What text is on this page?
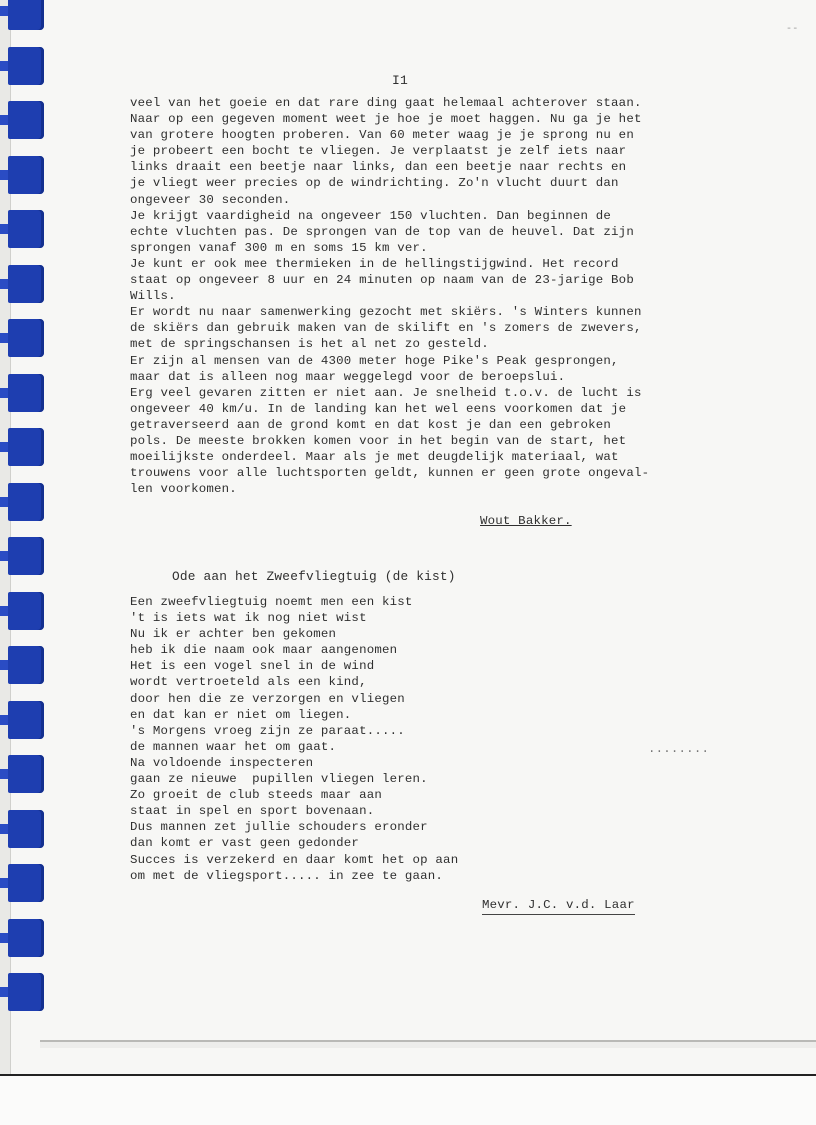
--
I1
veel van het goeie en dat rare ding gaat helemaal achterover staan.
Naar op een gegeven moment weet je hoe je moet haggen. Nu ga je het
van grotere hoogten proberen. Van 60 meter waag je je sprong nu en
je probeert een bocht te vliegen. Je verplaatst je zelf iets naar
links draait een beetje naar links, dan een beetje naar rechts en
je vliegt weer precies op de windrichting. Zo'n vlucht duurt dan
ongeveer 30 seconden.
Je krijgt vaardigheid na ongeveer 150 vluchten. Dan beginnen de
echte vluchten pas. De sprongen van de top van de heuvel. Dat zijn
sprongen vanaf 300 m en soms 15 km ver.
Je kunt er ook mee thermieken in de hellingstijgwind. Het record
staat op ongeveer 8 uur en 24 minuten op naam van de 23-jarige Bob
Wills.
Er wordt nu naar samenwerking gezocht met skiërs. 's Winters kunnen
de skiërs dan gebruik maken van de skilift en 's zomers de zwevers,
met de springschansen is het al net zo gesteld.
Er zijn al mensen van de 4300 meter hoge Pike's Peak gesprongen,
maar dat is alleen nog maar weggelegd voor de beroepslui.
Erg veel gevaren zitten er niet aan. Je snelheid t.o.v. de lucht is
ongeveer 40 km/u. In de landing kan het wel eens voorkomen dat je
getraverseerd aan de grond komt en dat kost je dan een gebroken
pols. De meeste brokken komen voor in het begin van de start, het
moeilijkste onderdeel. Maar als je met deugdelijk materiaal, wat
trouwens voor alle luchtsporten geldt, kunnen er geen grote ongeval-
len voorkomen.
Wout Bakker.
Ode aan het Zweefvliegtuig (de kist)
Een zweefvliegtuig noemt men een kist
't is iets wat ik nog niet wist
Nu ik er achter ben gekomen
heb ik die naam ook maar aangenomen
Het is een vogel snel in de wind
wordt vertroeteld als een kind,
door hen die ze verzorgen en vliegen
en dat kan er niet om liegen.
's Morgens vroeg zijn ze paraat.....
de mannen waar het om gaat.
Na voldoende inspecteren
gaan ze nieuwe  pupillen vliegen leren.
Zo groeit de club steeds maar aan
staat in spel en sport bovenaan.
Dus mannen zet jullie schouders eronder
dan komt er vast geen gedonder
Succes is verzekerd en daar komt het op aan
om met de vliegsport..... in zee te gaan.
........
Mevr. J.C. v.d. Laar
